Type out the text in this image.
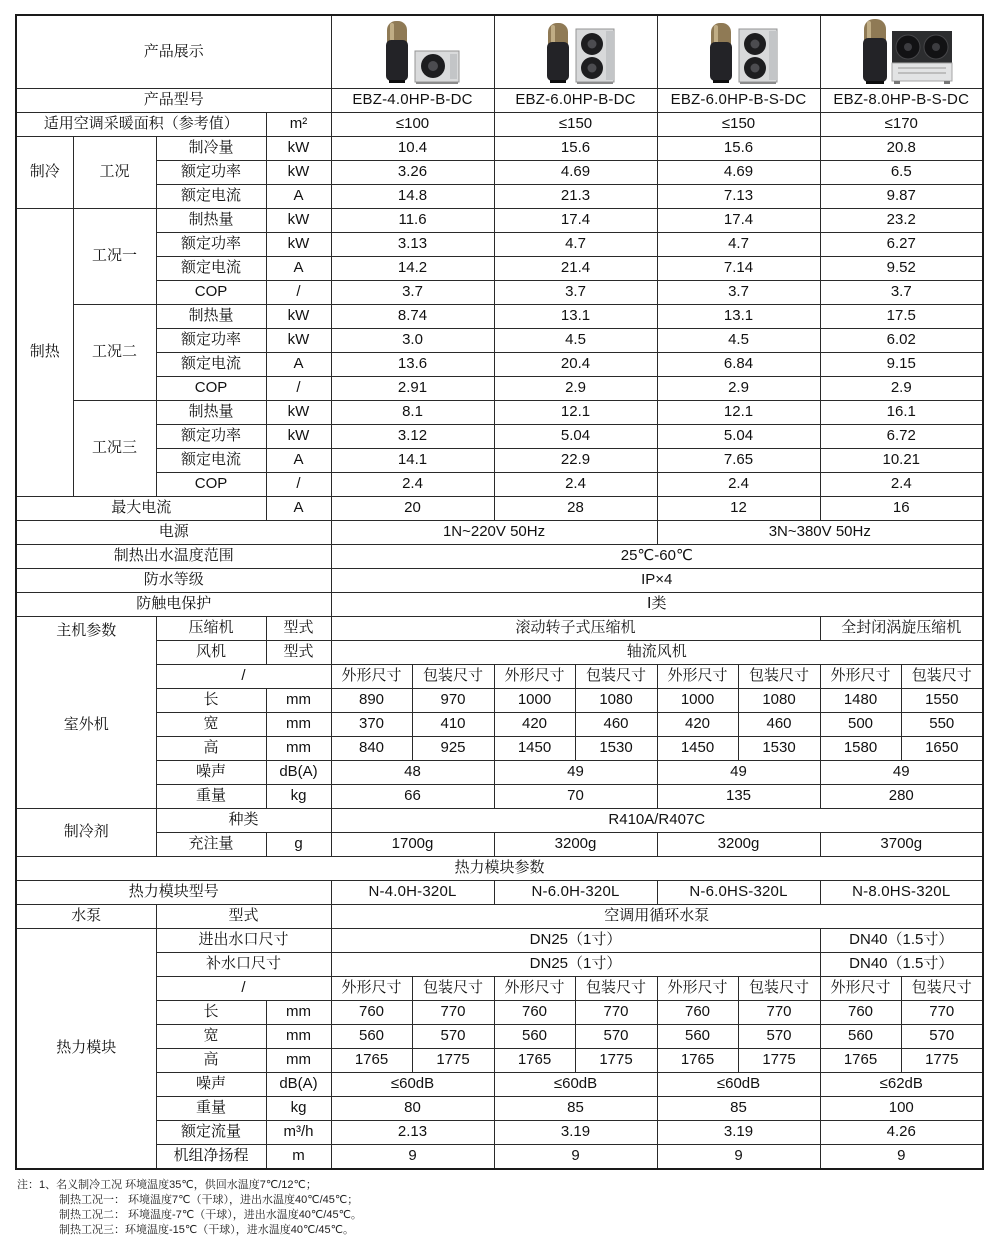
产品展示	

产品型号				EBZ-4.0HP-B-DC		EBZ-6.0HP-B-DC		EBZ-6.0HP-B-S-DC		EBZ-8.0HP-B-S-DC	
适用空调采暖面积（参考值）			m²	≤100		≤150		≤150		≤170	
制冷	工况	制冷量	kW	10.4		15.6		15.6		20.8	
		额定功率	kW	3.26		4.69		4.69		6.5	
		额定电流	A	14.8		21.3		7.13		9.87	
制热	工况一	制热量	kW	11.6		17.4		17.4		23.2	
		额定功率	kW	3.13		4.7		4.7		6.27	
		额定电流	A	14.2		21.4		7.14		9.52	
		COP	/	3.7		3.7		3.7		3.7	
	工况二	制热量	kW	8.74		13.1		13.1		17.5	
		额定功率	kW	3.0		4.5		4.5		6.02	
		额定电流	A	13.6		20.4		6.84		9.15	
		COP	/	2.91		2.9		2.9		2.9	
	工况三	制热量	kW	8.1		12.1		12.1		16.1	
		额定功率	kW	3.12		5.04		5.04		6.72	
		额定电流	A	14.1		22.9		7.65		10.21	
		COP	/	2.4		2.4		2.4		2.4	
最大电流			A	20		28		12		16	
电源				1N~220V 50Hz				3N~380V 50Hz			
制热出水温度范围				25℃-60℃							
防水等级				IP×4							
防触电保护				Ⅰ类							

主机参数
室外机		压缩机	型式	滚动转子式压缩机						全封闭涡旋压缩机	
		风机	型式	轴流风机							
		/		外形尺寸	包装尺寸	外形尺寸	包装尺寸	外形尺寸	包装尺寸	外形尺寸	包装尺寸
		长	mm	890	970	1000	1080	1000	1080	1480	1550
		宽	mm	370	410	420	460	420	460	500	550
		高	mm	840	925	1450	1530	1450	1530	1580	1650
		噪声	dB(A)	48		49		49		49	
		重量	kg	66		70		135		280	
制冷剂		种类		R410A/R407C							
		充注量	g	1700g		3200g		3200g		3700g	
热力模块参数											
热力模块型号				N-4.0H-320L		N-6.0H-320L		N-6.0HS-320L		N-8.0HS-320L	
水泵		型式		空调用循环水泵							
热力模块		进出水口尺寸		DN25（1寸）						DN40（1.5寸）	
		补水口尺寸		DN25（1寸）						DN40（1.5寸）	
		/		外形尺寸	包装尺寸	外形尺寸	包装尺寸	外形尺寸	包装尺寸	外形尺寸	包装尺寸
		长	mm	760	770	760	770	760	770	760	770
		宽	mm	560	570	560	570	560	570	560	570
		高	mm	1765	1775	1765	1775	1765	1775	1765	1775
		噪声	dB(A)	≤60dB		≤60dB		≤60dB		≤62dB	
		重量	kg	80		85		85		100	
		额定流量	m³/h	2.13		3.19		3.19		4.26	
		机组净扬程	m	9		9		9		9	
注：1、名义制冷工况 环境温度35℃，供回水温度7℃/12℃；
制热工况一： 环境温度7℃（干球），进出水温度40℃/45℃；
制热工况二： 环境温度-7℃（干球），进出水温度40℃/45℃。
制热工况三：环境温度-15℃（干球），进水温度40℃/45℃。
